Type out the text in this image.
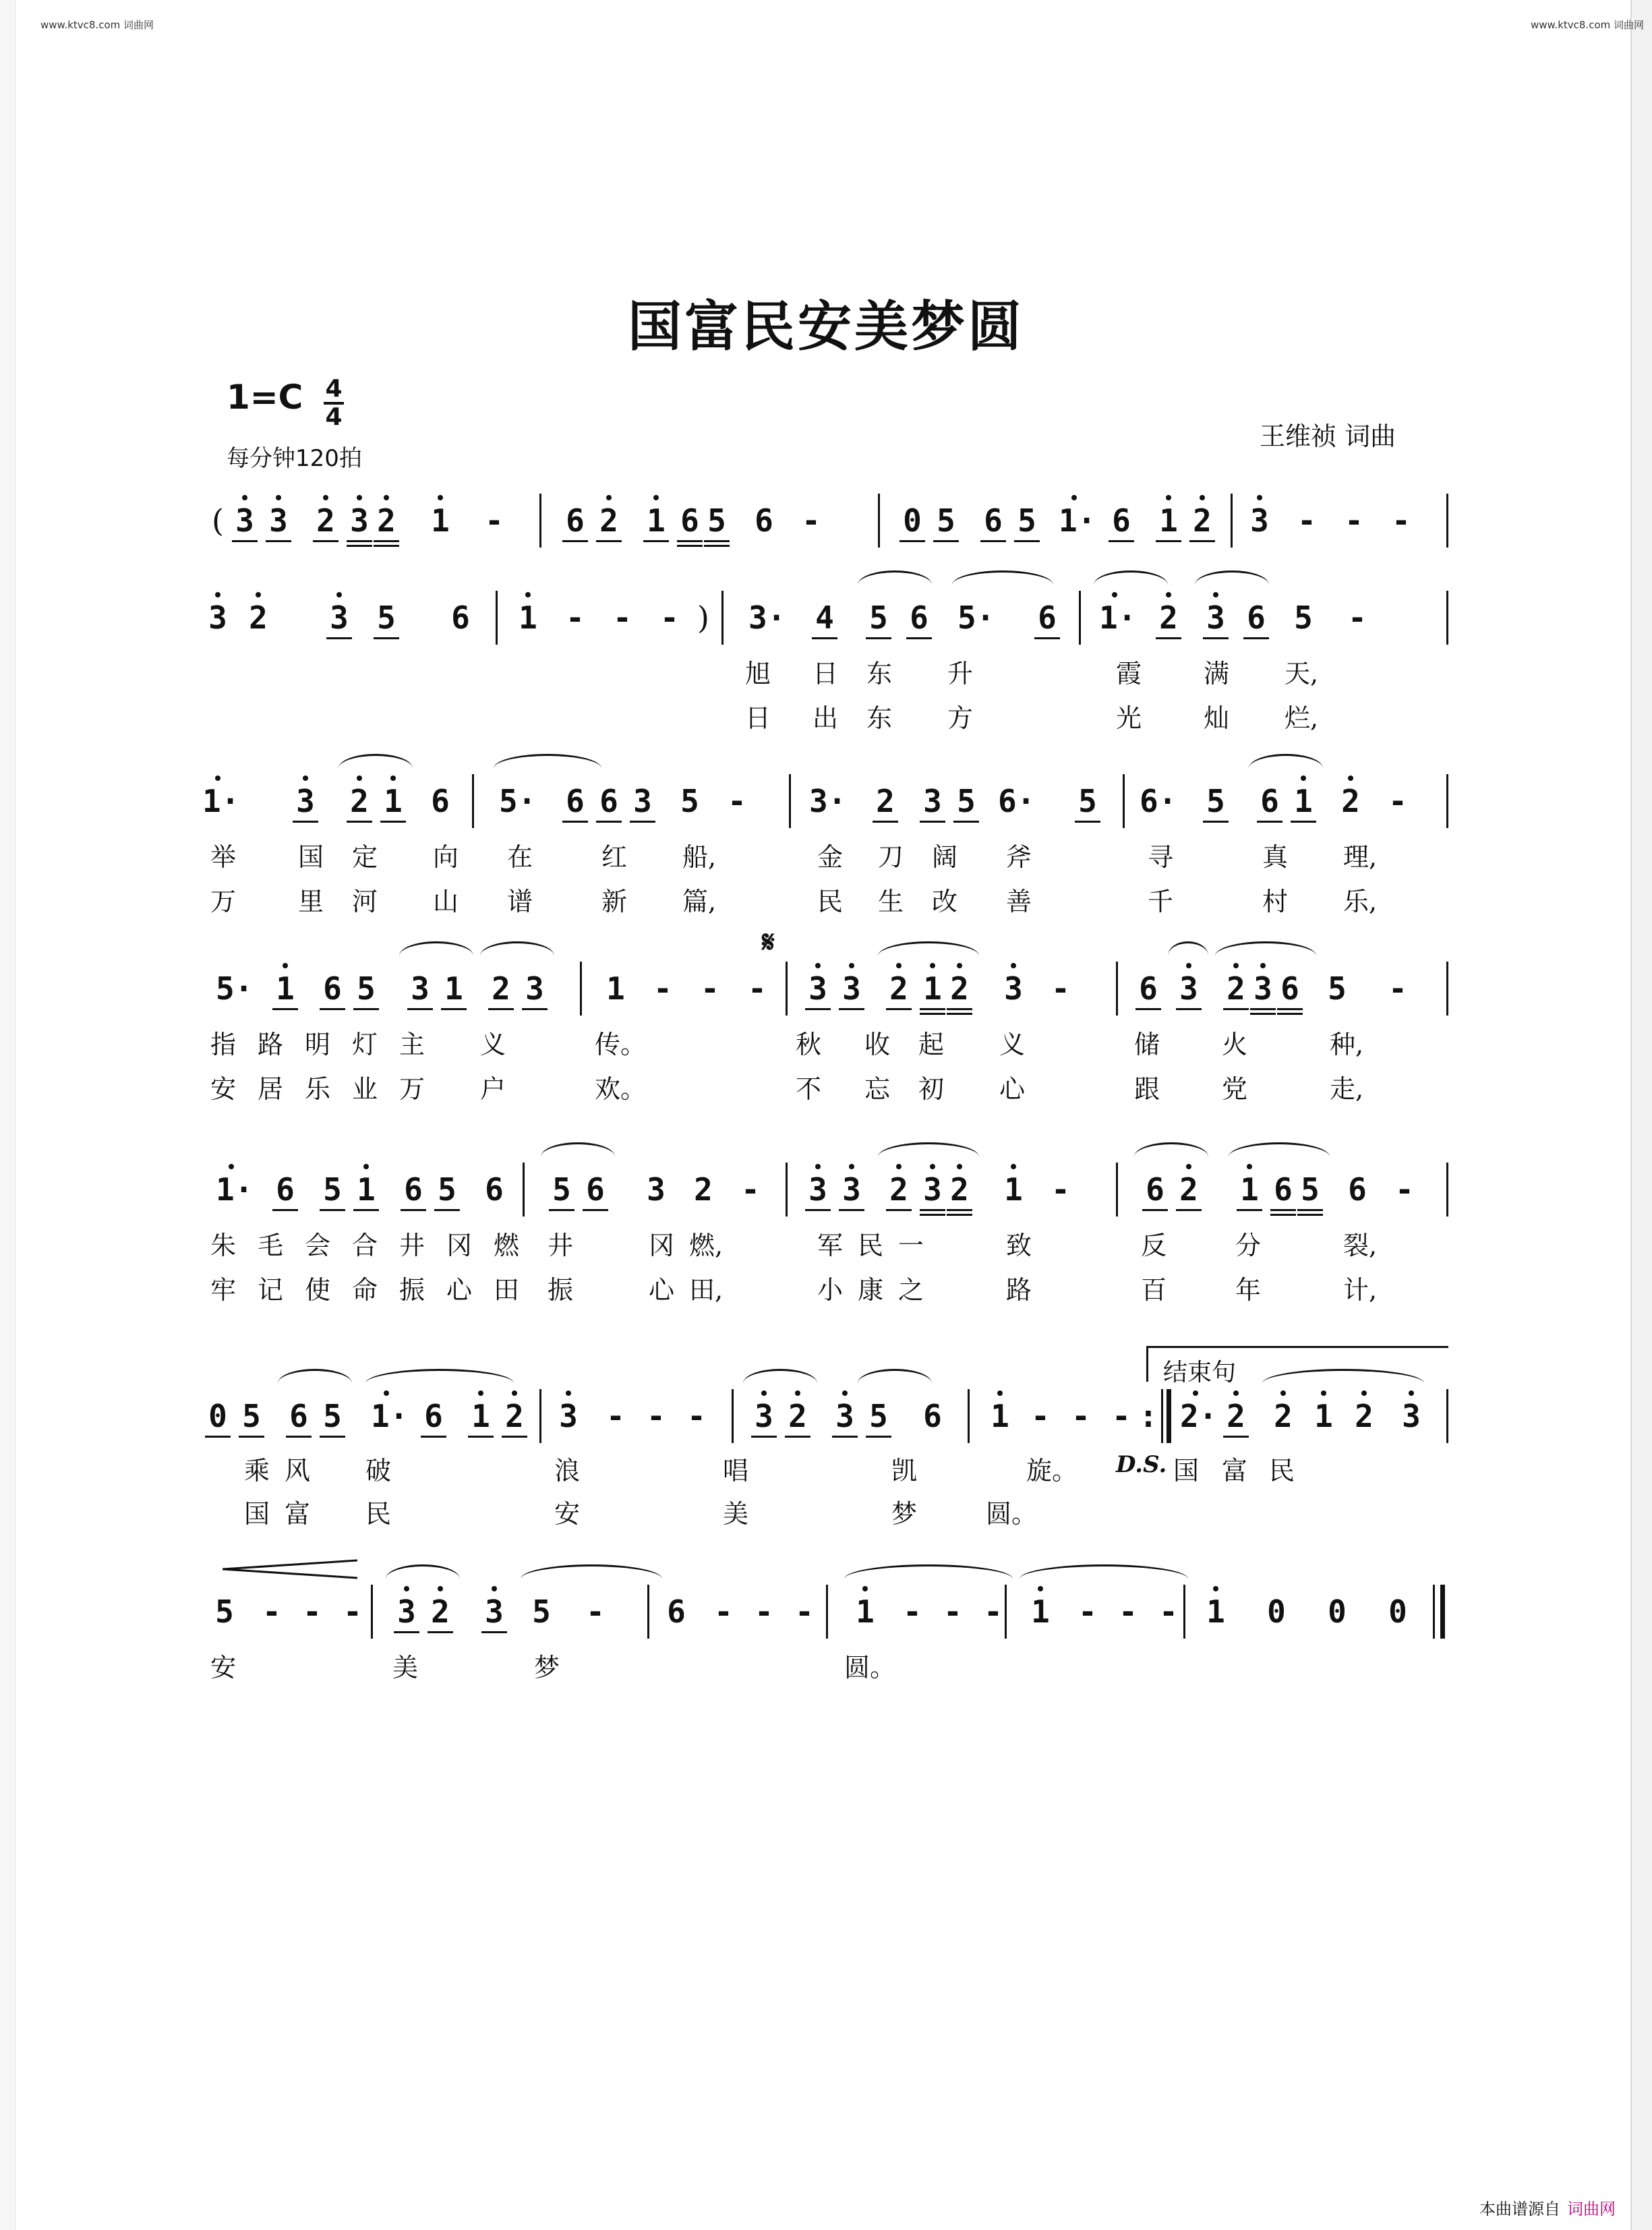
www.ktvc8.com 词曲网	www.ktvc8.com 词曲网
国富民安美梦圆
1=C 4
4
每分钟120拍
王维祯 词曲
( 3 3 2 3 2 1 - 6 2 1 6 5 6 -	0 5 6 5 1· 6 1 2 3 - - -
3 2 3 5 6 1 - - - )	3· 4 5 6 5· 6 1· 2 3 6 5 -
旭 日 东 升	霞 满 天,
日 出 东 方	光 灿 烂,
1· 3 2 1 6 5· 6 6 3 5 - 3· 2 3 5 6· 5 6· 5 6 1 2 -
举 国 定 向 在	红 船,	金 刀 阔 斧	寻	真 理,
万 里 河 山 谱	新 篇,	民 生 改 善	千	村 乐,
𝄋
5· 1 6 5 3 1 2 3 1 - - - 3 3 2 1 2 3 - 6 3 2 3 6 5 -
指 路 明 灯 主 义	传。	秋 收 起 义	储 火	种,
安 居 乐 业 万 户	欢。	不 忘 初 心	跟 党	走,
1· 6 5 1 6 5 6 5 6 3 2 - 3 3 2 3 2 1 - 6 2 1 6 5 6 -
朱 毛 会 合 井 冈 燃 井	冈 燃,	军 民 一	致	反	分	裂,
牢 记 使 命 振 心 田 振	心 田,	小 康 之	路	百	年	计,
结束句
0 5 6 5 1· 6 1 2 3 - - - 3 2 3 5 6 1 - - - : 2· 2 2 1 2 3
乘 风 破	浪	唱	凯	旋。	国 富 民
D.S.
国 富 民	安	美	梦	圆。
5 - - - 3 2 3 5 - 6 - - - 1 - - - 1 - - - 1 0 0 0
安	美	梦	圆。
本曲谱源自 词曲网
